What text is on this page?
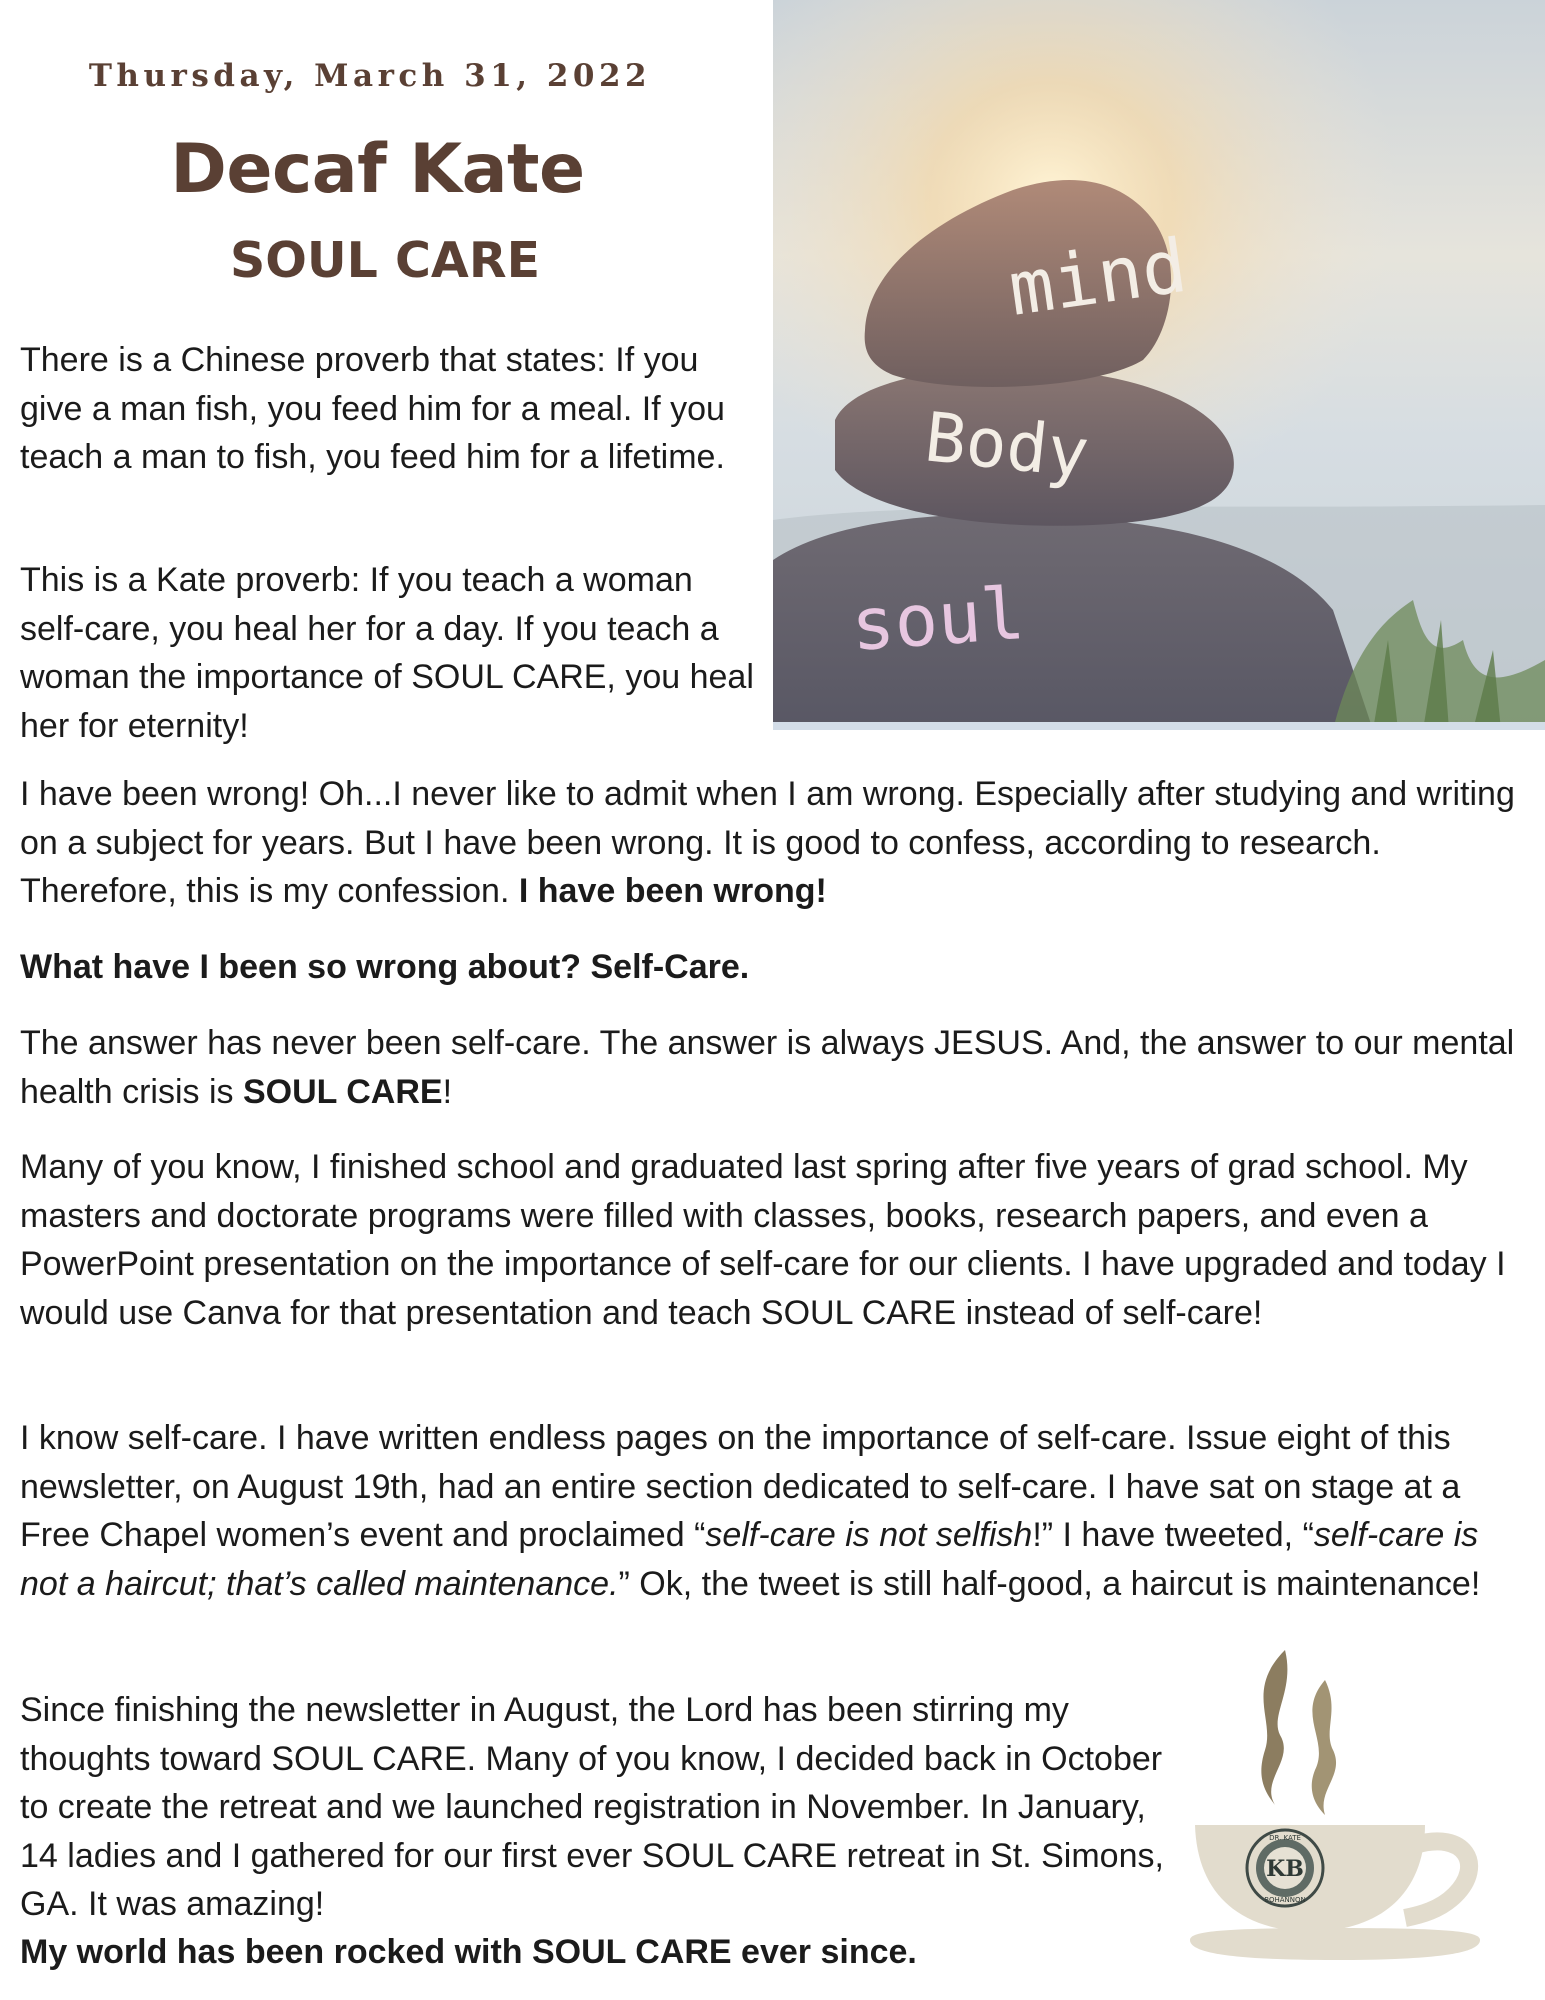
Thursday, March 31, 2022
Decaf Kate
SOUL CARE	mind
Body
soul

There is a Chinese proverb that states: If you give a man fish, you feed him for a meal. If you teach a man to fish, you feed him for a lifetime.

This is a Kate proverb: If you teach a woman self-care, you heal her for a day. If you teach a woman the importance of SOUL CARE, you heal her for eternity!

I have been wrong! Oh...I never like to admit when I am wrong. Especially after studying and writing on a subject for years. But I have been wrong. It is good to confess, according to research. Therefore, this is my confession. I have been wrong!

What have I been so wrong about? Self-Care.

The answer has never been self-care. The answer is always JESUS. And, the answer to our mental health crisis is SOUL CARE!

Many of you know, I finished school and graduated last spring after five years of grad school. My masters and doctorate programs were filled with classes, books, research papers, and even a PowerPoint presentation on the importance of self-care for our clients. I have upgraded and today I would use Canva for that presentation and teach SOUL CARE instead of self-care!

I know self-care. I have written endless pages on the importance of self-care. Issue eight of this newsletter, on August 19th, had an entire section dedicated to self-care. I have sat on stage at a Free Chapel women’s event and proclaimed “self-care is not selfish!” I have tweeted, “self-care is not a haircut; that’s called maintenance.” Ok, the tweet is still half-good, a haircut is maintenance!

Since finishing the newsletter in August, the Lord has been stirring my thoughts toward SOUL CARE. Many of you know, I decided back in October to create the retreat and we launched registration in November. In January, 14 ladies and I gathered for our first ever SOUL CARE retreat in St. Simons, GA. It was amazing!

My world has been rocked with SOUL CARE ever since.

KB
DR. KATE
BOHANNON
